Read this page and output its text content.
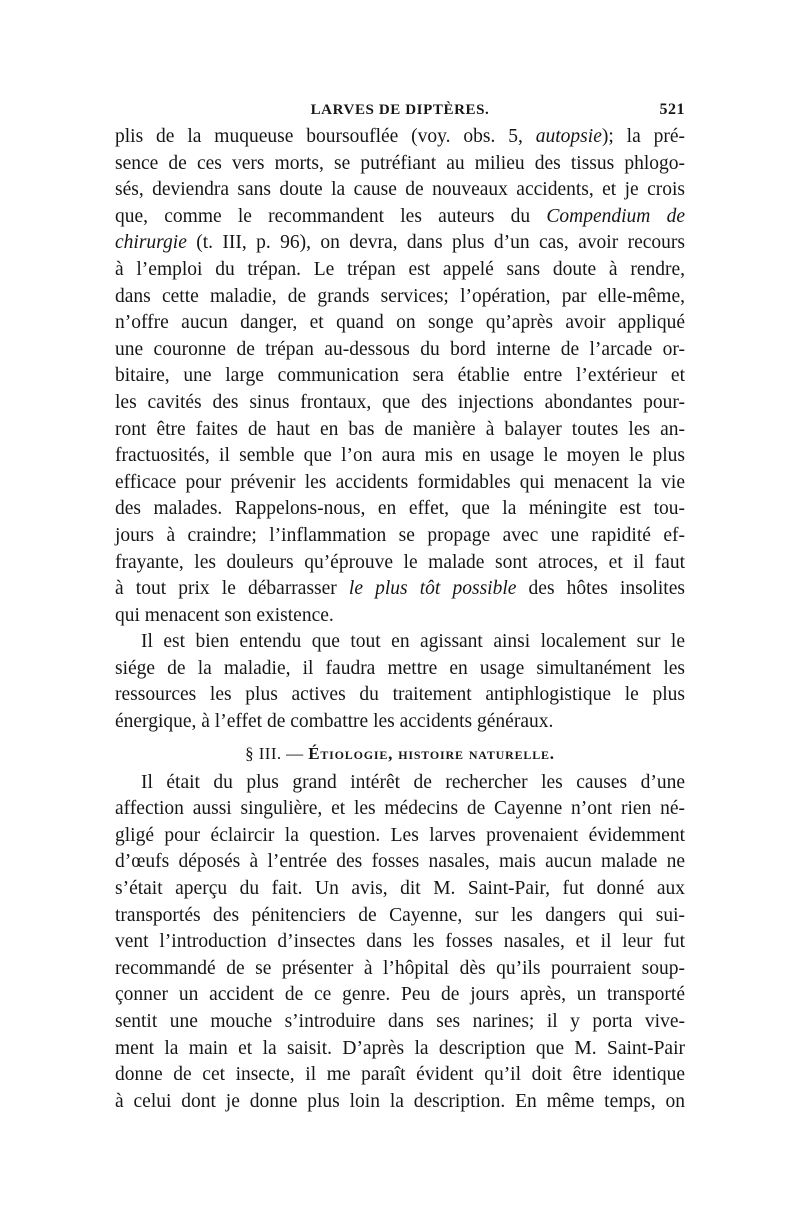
LARVES DE DIPTÈRES.	521

plis de la muqueuse boursouflée (voy. obs. 5, autopsie); la pré-
sence de ces vers morts, se putréfiant au milieu des tissus phlogo-
sés, deviendra sans doute la cause de nouveaux accidents, et je crois
que, comme le recommandent les auteurs du Compendium de
chirurgie (t. III, p. 96), on devra, dans plus d’un cas, avoir recours
à l’emploi du trépan. Le trépan est appelé sans doute à rendre,
dans cette maladie, de grands services; l’opération, par elle-même,
n’offre aucun danger, et quand on songe qu’après avoir appliqué
une couronne de trépan au-dessous du bord interne de l’arcade or-
bitaire, une large communication sera établie entre l’extérieur et
les cavités des sinus frontaux, que des injections abondantes pour-
ront être faites de haut en bas de manière à balayer toutes les an-
fractuosités, il semble que l’on aura mis en usage le moyen le plus
efficace pour prévenir les accidents formidables qui menacent la vie
des malades. Rappelons-nous, en effet, que la méningite est tou-
jours à craindre; l’inflammation se propage avec une rapidité ef-
frayante, les douleurs qu’éprouve le malade sont atroces, et il faut
à tout prix le débarrasser le plus tôt possible des hôtes insolites
qui menacent son existence.

Il est bien entendu que tout en agissant ainsi localement sur le
siége de la maladie, il faudra mettre en usage simultanément les
ressources les plus actives du traitement antiphlogistique le plus
énergique, à l’effet de combattre les accidents généraux.

§ III. — Étiologie, histoire naturelle.

Il était du plus grand intérêt de rechercher les causes d’une
affection aussi singulière, et les médecins de Cayenne n’ont rien né-
gligé pour éclaircir la question. Les larves provenaient évidemment
d’œufs déposés à l’entrée des fosses nasales, mais aucun malade ne
s’était aperçu du fait. Un avis, dit M. Saint-Pair, fut donné aux
transportés des pénitenciers de Cayenne, sur les dangers qui sui-
vent l’introduction d’insectes dans les fosses nasales, et il leur fut
recommandé de se présenter à l’hôpital dès qu’ils pourraient soup-
çonner un accident de ce genre. Peu de jours après, un transporté
sentit une mouche s’introduire dans ses narines; il y porta vive-
ment la main et la saisit. D’après la description que M. Saint-Pair
donne de cet insecte, il me paraît évident qu’il doit être identique
à celui dont je donne plus loin la description. En même temps, on
